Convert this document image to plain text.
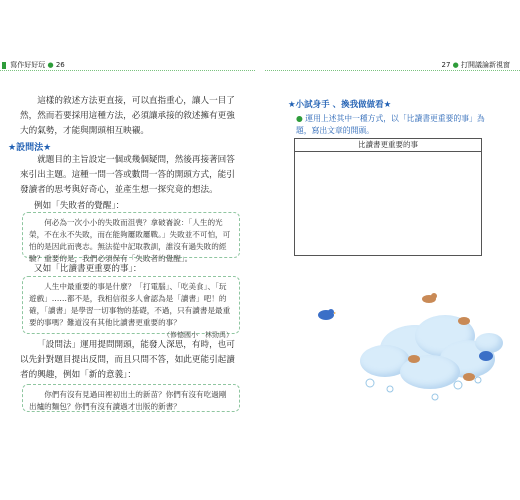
寫作好好玩 ● 26	27 ● 打開議論新視窗
這樣的敘述方法更直接，可以直指重心，讓人一目了然，然而若要採用這種方法，必須讓承接的敘述擁有更強大的氣勢，才能與開頭相互映襯。
★設問法★
就題目的主旨設定一個或幾個疑問，然後再接著回答來引出主題。這種一問一答或數問一答的開頭方式，能引發讀者的思考與好奇心，並產生想一探究竟的想法。
例如「失敗者的覺醒」：

何必為一次小小的失敗而沮喪？拿破崙說：「人生的光榮，不在永不失敗，而在能夠屢敗屢戰。」失敗並不可怕，可怕的是因此而喪志。無法從中記取教訓，誰沒有過失敗的經驗？重要的是，我們必須保有「失敗者的覺醒」。

又如「比讀書更重要的事」：

人生中最重要的事是什麼？「打電腦」、「吃美食」、「玩遊戲」……都不是，我相信很多人會認為是「讀書」吧！的確，「讀書」是學習一切事物的基礎，不過，只有讀書是最重要的事嗎？難道沒有其他比讀書更重要的事？

（修德國小　林勁禹）

「設問法」運用提問開頭，能發人深思，有時，也可以先針對題目提出反問，而且只問不答，如此更能引起讀者的興趣，例如「新的意義」：

你們有沒有見過田裡初出土的新苗？你們有沒有吃過剛出爐的麵包？你們有沒有讀過才出版的新書？

★小試身手 、換我做做看★
● 運用上述其中一種方式，以「比讀書更重要的事」為題，寫出文章的開頭。
比讀書更重要的事
